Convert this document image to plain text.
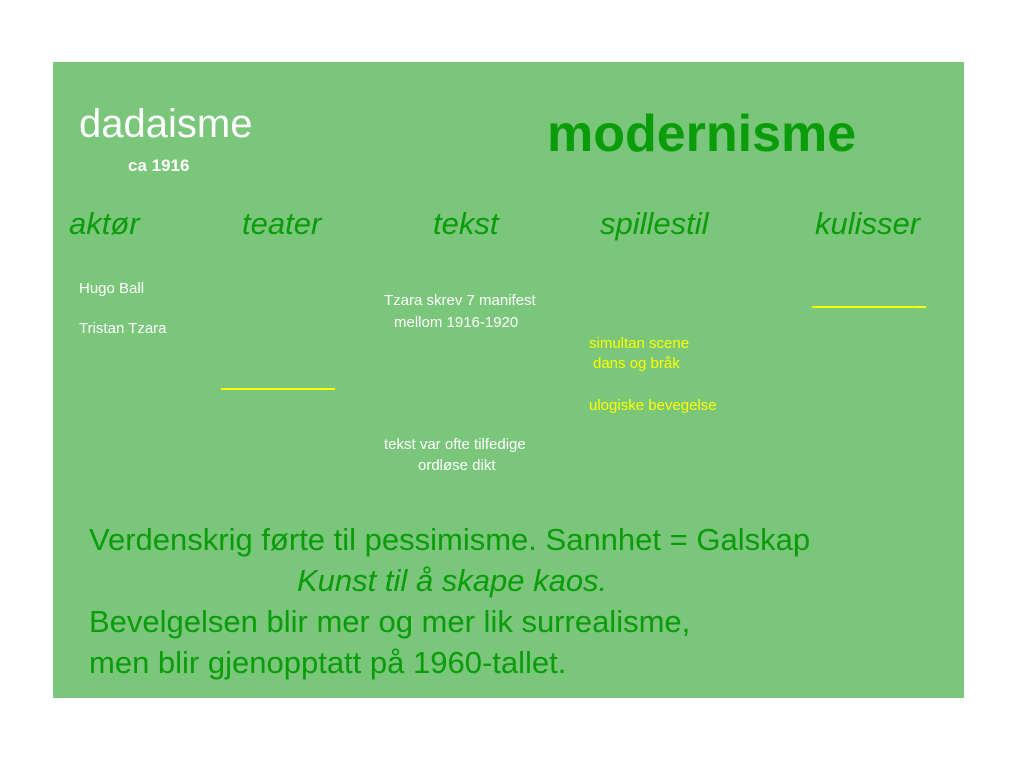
dadaisme
ca 1916
modernisme
aktør	teater	tekst	spillestil	kulisser
Hugo Ball
Tristan Tzara
Tzara skrev 7 manifest
mellom 1916-1920
tekst var ofte tilfedige
ordløse dikt
simultan scene
dans og bråk
ulogiske bevegelse
Verdenskrig førte til pessimisme. Sannhet = Galskap
Kunst til å skape kaos.
Bevelgelsen blir mer og mer lik surrealisme,
men blir gjenopptatt på 1960-tallet.
